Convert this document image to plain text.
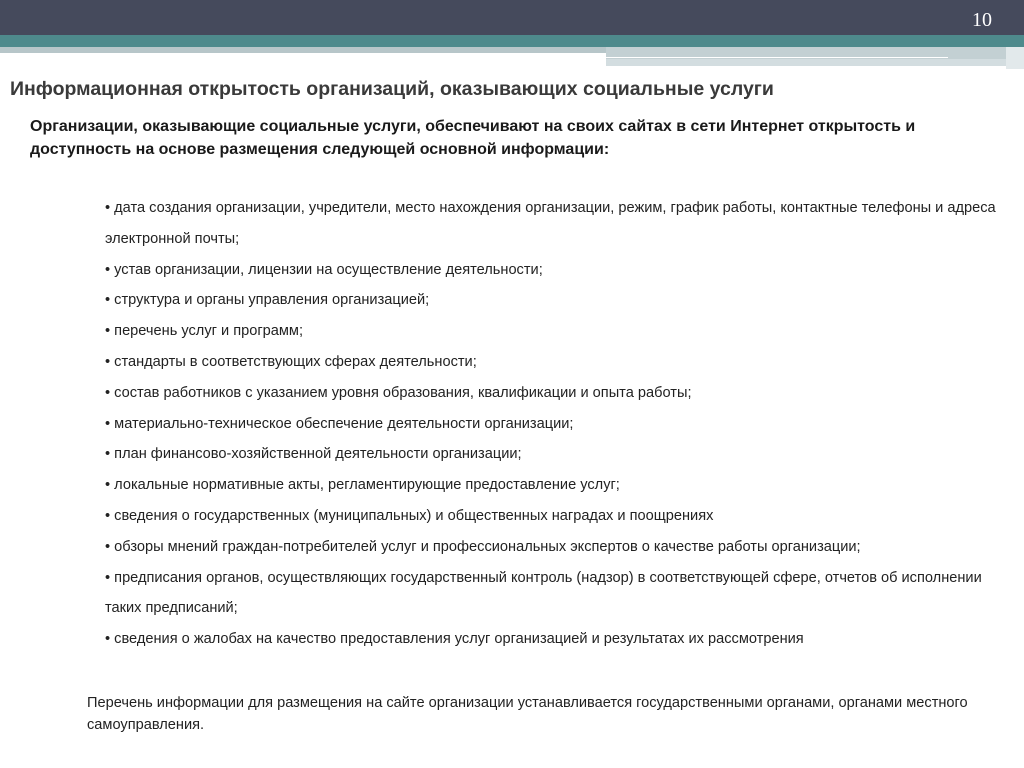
10
Информационная открытость организаций, оказывающих социальные услуги

Организации, оказывающие социальные услуги, обеспечивают на своих сайтах в сети Интернет открытость и доступность на основе размещения следующей основной информации:

• дата создания организации, учредители, место нахождения организации, режим, график работы, контактные телефоны и адреса электронной почты;
• устав организации, лицензии на осуществление деятельности;
• структура и органы управления организацией;
• перечень услуг и программ;
• стандарты в соответствующих сферах деятельности;
• состав работников с указанием уровня образования, квалификации и опыта работы;
• материально-техническое обеспечение деятельности организации;
• план финансово-хозяйственной деятельности организации;
• локальные нормативные акты, регламентирующие предоставление услуг;
• сведения о государственных (муниципальных) и общественных наградах и поощрениях
• обзоры мнений граждан-потребителей услуг и профессиональных экспертов о качестве работы организации;
• предписания органов, осуществляющих государственный контроль (надзор) в соответствующей сфере, отчетов об исполнении таких предписаний;
• сведения о жалобах на качество предоставления услуг организацией и результатах их рассмотрения

Перечень информации для размещения на сайте организации устанавливается государственными органами, органами местного самоуправления.
